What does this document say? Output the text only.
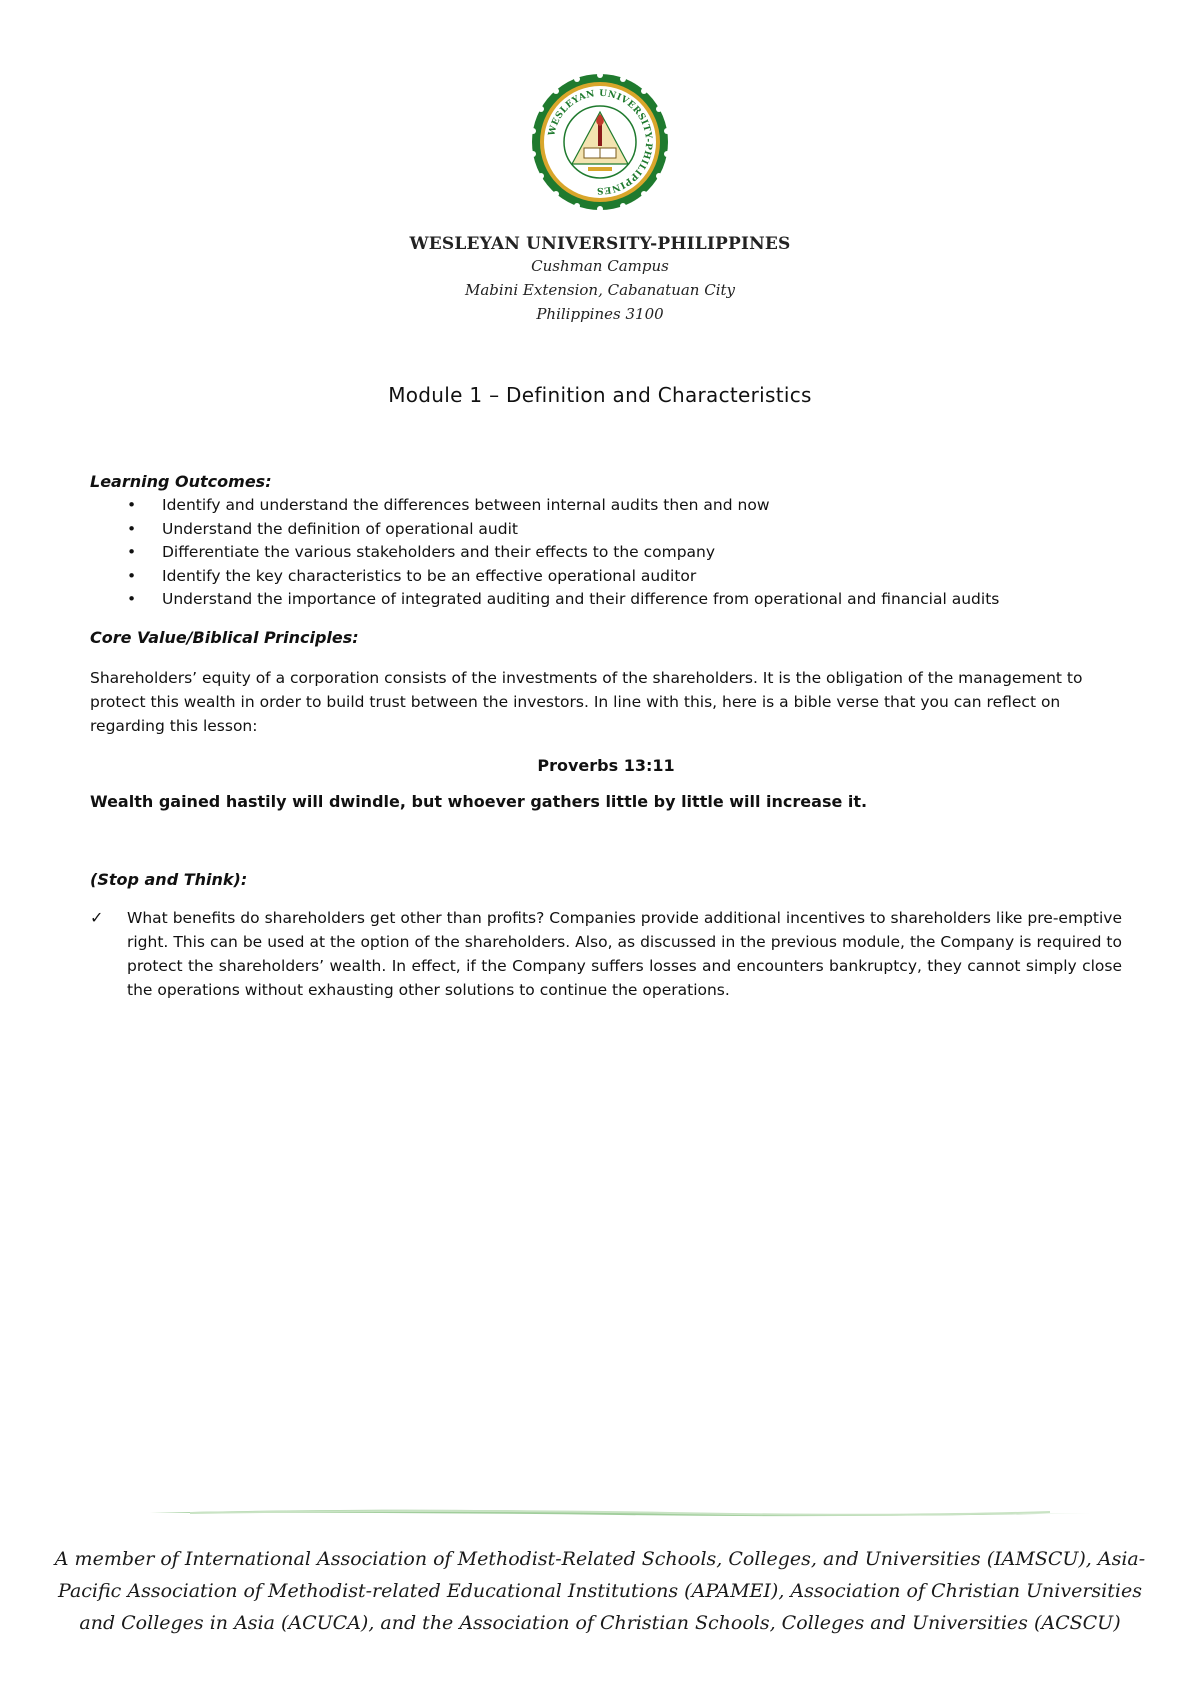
WESLEYAN UNIVERSITY-PHILIPPINES
WESLEYAN UNIVERSITY-PHILIPPINES
Cushman Campus
Mabini Extension, Cabanatuan City
Philippines 3100
Module 1 – Definition and Characteristics

Learning Outcomes:

• Identify and understand the differences between internal audits then and now
• Understand the definition of operational audit
• Differentiate the various stakeholders and their effects to the company
• Identify the key characteristics to be an effective operational auditor
• Understand the importance of integrated auditing and their difference from operational and financial audits

Core Value/Biblical Principles:

Shareholders’ equity of a corporation consists of the investments of the shareholders. It is the obligation of the management to protect this wealth in order to build trust between the investors. In line with this, here is a bible verse that you can reflect on regarding this lesson:
Proverbs 13:11
Wealth gained hastily will dwindle, but whoever gathers little by little will increase it.

(Stop and Think):

✓ What benefits do shareholders get other than profits? Companies provide additional incentives to shareholders like pre-emptive right. This can be used at the option of the shareholders. Also, as discussed in the previous module, the Company is required to protect the shareholders’ wealth. In effect, if the Company suffers losses and encounters bankruptcy, they cannot simply close the operations without exhausting other solutions to continue the operations.
A member of International Association of Methodist-Related Schools, Colleges, and Universities (IAMSCU), Asia-Pacific Association of Methodist-related Educational Institutions (APAMEI), Association of Christian Universities and Colleges in Asia (ACUCA), and the Association of Christian Schools, Colleges and Universities (ACSCU)
